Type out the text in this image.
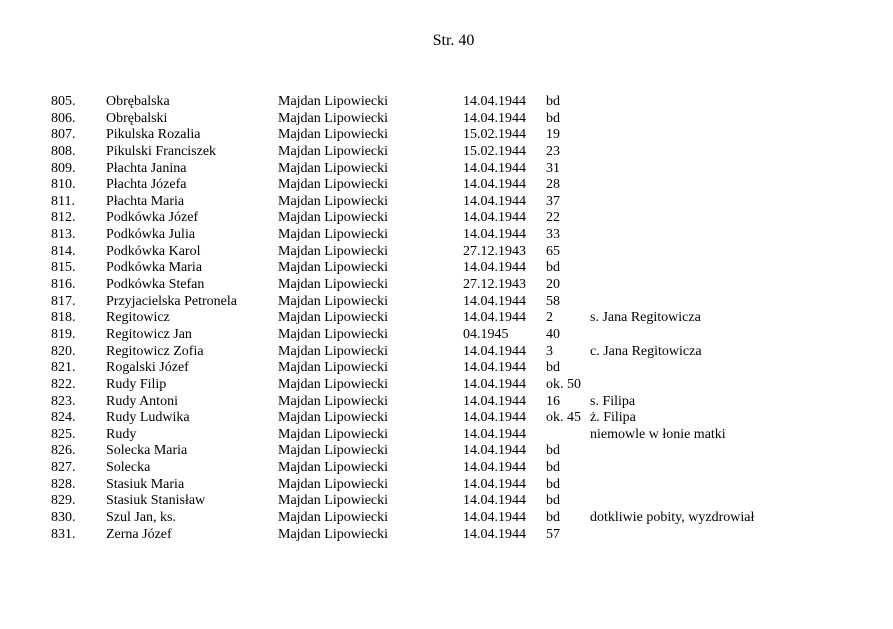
Str. 40
805. Obrębalska	Majdan Lipowiecki	14.04.1944 bd
806. Obrębalski	Majdan Lipowiecki	14.04.1944 bd
807. Pikulska Rozalia	Majdan Lipowiecki	15.02.1944 19
808. Pikulski Franciszek	Majdan Lipowiecki	15.02.1944 23
809. Płachta Janina	Majdan Lipowiecki	14.04.1944 31
810. Płachta Józefa	Majdan Lipowiecki	14.04.1944 28
811. Płachta Maria	Majdan Lipowiecki	14.04.1944 37
812. Podkówka Józef	Majdan Lipowiecki	14.04.1944 22
813. Podkówka Julia	Majdan Lipowiecki	14.04.1944 33
814. Podkówka Karol	Majdan Lipowiecki	27.12.1943 65
815. Podkówka Maria	Majdan Lipowiecki	14.04.1944 bd
816. Podkówka Stefan	Majdan Lipowiecki	27.12.1943 20
817. Przyjacielska Petronela	Majdan Lipowiecki	14.04.1944 58
818. Regitowicz	Majdan Lipowiecki	14.04.1944 2	s. Jana Regitowicza
819. Regitowicz Jan	Majdan Lipowiecki	04.1945	40
820. Regitowicz Zofia	Majdan Lipowiecki	14.04.1944 3	c. Jana Regitowicza
821. Rogalski Józef	Majdan Lipowiecki	14.04.1944 bd
822. Rudy Filip	Majdan Lipowiecki	14.04.1944 ok. 50
823. Rudy Antoni	Majdan Lipowiecki	14.04.1944 16 s. Filipa
824. Rudy Ludwika	Majdan Lipowiecki	14.04.1944 ok. 45 ż. Filipa
825. Rudy	Majdan Lipowiecki	14.04.1944	niemowle w łonie matki
826. Solecka Maria	Majdan Lipowiecki	14.04.1944 bd
827. Solecka	Majdan Lipowiecki	14.04.1944 bd
828. Stasiuk Maria	Majdan Lipowiecki	14.04.1944 bd
829. Stasiuk Stanisław	Majdan Lipowiecki	14.04.1944 bd
830. Szul Jan, ks.	Majdan Lipowiecki	14.04.1944 bd dotkliwie pobity, wyzdrowiał
831. Zerna Józef	Majdan Lipowiecki	14.04.1944 57
